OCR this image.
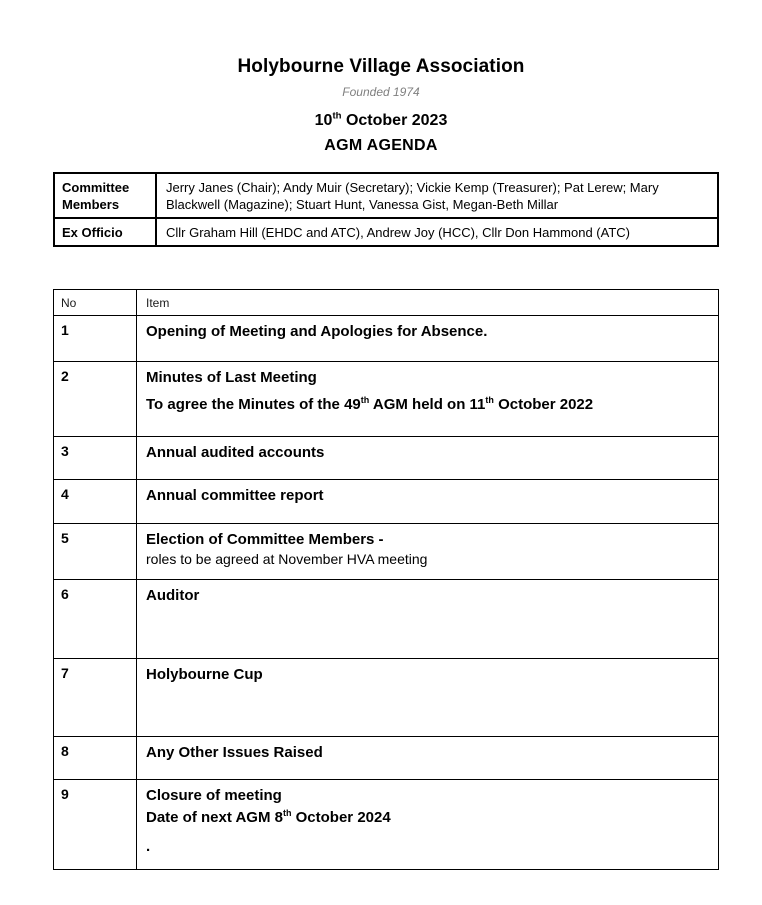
Holybourne Village Association
Founded 1974
10th October 2023
AGM AGENDA
Committee Members	Jerry Janes (Chair); Andy Muir (Secretary); Vickie Kemp (Treasurer); Pat Lerew; Mary Blackwell (Magazine); Stuart Hunt, Vanessa Gist, Megan-Beth Millar
Ex Officio	Cllr Graham Hill (EHDC and ATC), Andrew Joy (HCC), Cllr Don Hammond (ATC)
No	Item
1	Opening of Meeting and Apologies for Absence.

2	Minutes of Last Meeting
To agree the Minutes of the 49th AGM held on 11th October 2022

3	Annual audited accounts

4	Annual committee report

5	Election of Committee Members -
roles to be agreed at November HVA meeting

6	Auditor

7	Holybourne Cup

8	Any Other Issues Raised

9	Closure of meeting
Date of next AGM 8th October 2024
.
